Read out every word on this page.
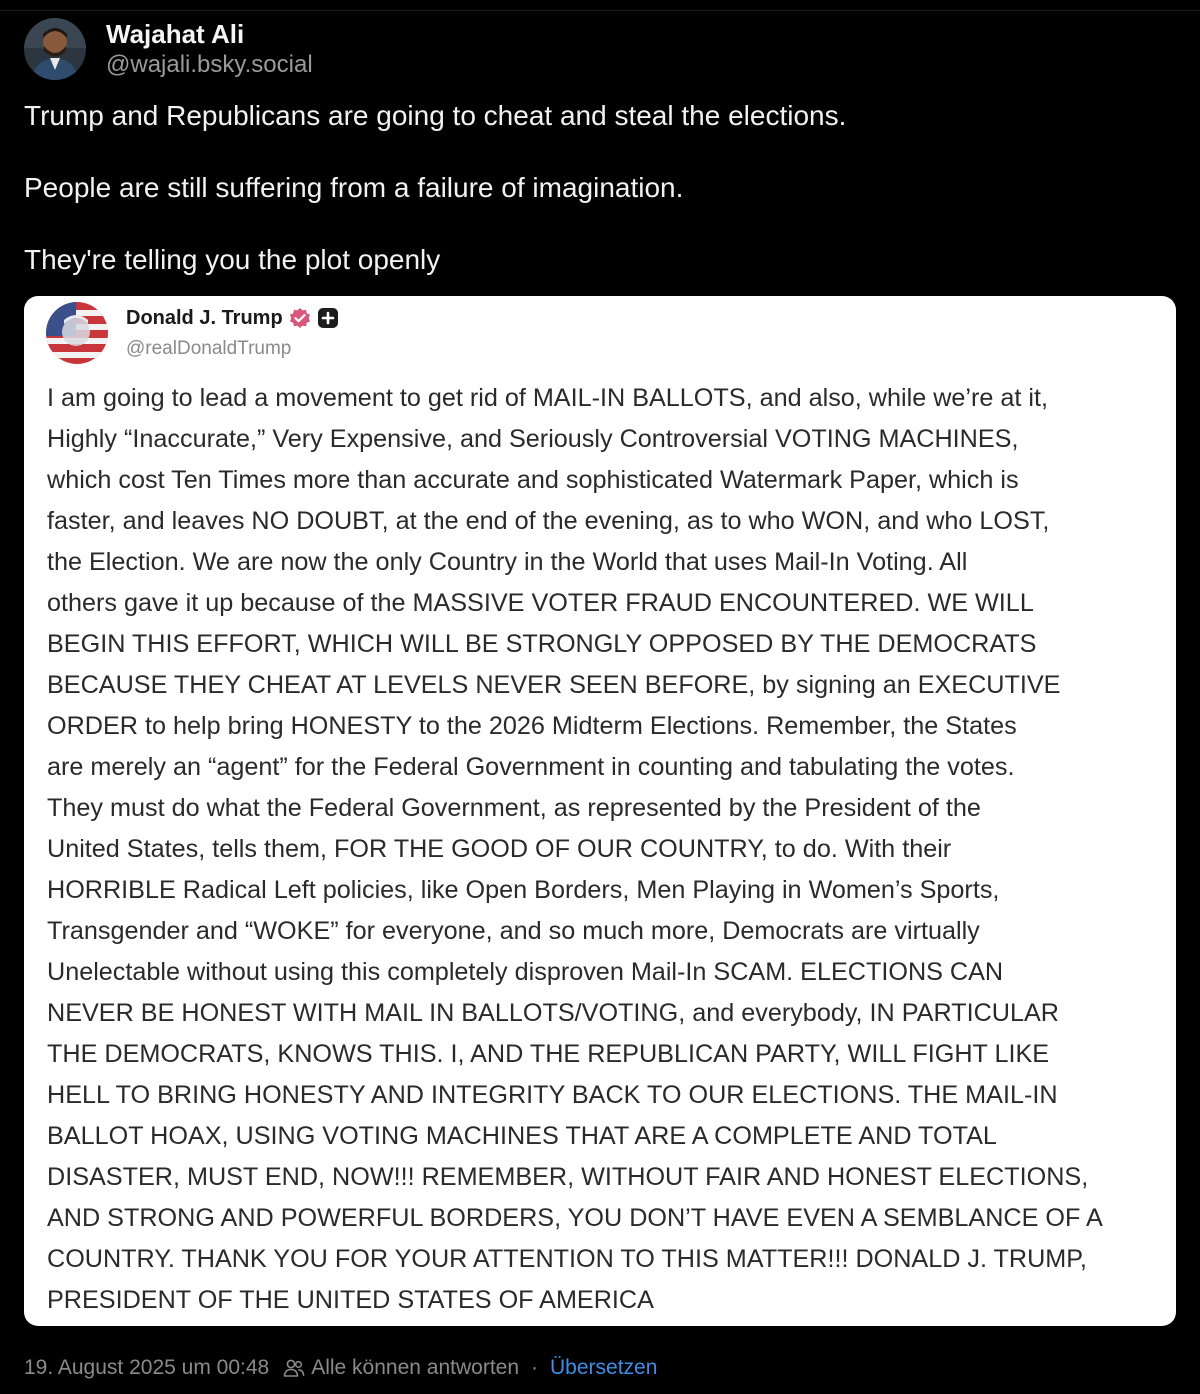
Wajahat Ali
@wajali.bsky.social

Trump and Republicans are going to cheat and steal the elections.

People are still suffering from a failure of imagination.

They're telling you the plot openly

Donald J. Trump
@realDonaldTrump
I am going to lead a movement to get rid of MAIL-IN BALLOTS, and also, while we’re at it,
Highly “Inaccurate,” Very Expensive, and Seriously Controversial VOTING MACHINES,
which cost Ten Times more than accurate and sophisticated Watermark Paper, which is
faster, and leaves NO DOUBT, at the end of the evening, as to who WON, and who LOST,
the Election. We are now the only Country in the World that uses Mail-In Voting. All
others gave it up because of the MASSIVE VOTER FRAUD ENCOUNTERED. WE WILL
BEGIN THIS EFFORT, WHICH WILL BE STRONGLY OPPOSED BY THE DEMOCRATS
BECAUSE THEY CHEAT AT LEVELS NEVER SEEN BEFORE, by signing an EXECUTIVE
ORDER to help bring HONESTY to the 2026 Midterm Elections. Remember, the States
are merely an “agent” for the Federal Government in counting and tabulating the votes.
They must do what the Federal Government, as represented by the President of the
United States, tells them, FOR THE GOOD OF OUR COUNTRY, to do. With their
HORRIBLE Radical Left policies, like Open Borders, Men Playing in Women’s Sports,
Transgender and “WOKE” for everyone, and so much more, Democrats are virtually
Unelectable without using this completely disproven Mail-In SCAM. ELECTIONS CAN
NEVER BE HONEST WITH MAIL IN BALLOTS/VOTING, and everybody, IN PARTICULAR
THE DEMOCRATS, KNOWS THIS. I, AND THE REPUBLICAN PARTY, WILL FIGHT LIKE
HELL TO BRING HONESTY AND INTEGRITY BACK TO OUR ELECTIONS. THE MAIL-IN
BALLOT HOAX, USING VOTING MACHINES THAT ARE A COMPLETE AND TOTAL
DISASTER, MUST END, NOW!!! REMEMBER, WITHOUT FAIR AND HONEST ELECTIONS,
AND STRONG AND POWERFUL BORDERS, YOU DON’T HAVE EVEN A SEMBLANCE OF A
COUNTRY. THANK YOU FOR YOUR ATTENTION TO THIS MATTER!!! DONALD J. TRUMP,
PRESIDENT OF THE UNITED STATES OF AMERICA
19. August 2025 um 00:48 Alle können antworten · Übersetzen
